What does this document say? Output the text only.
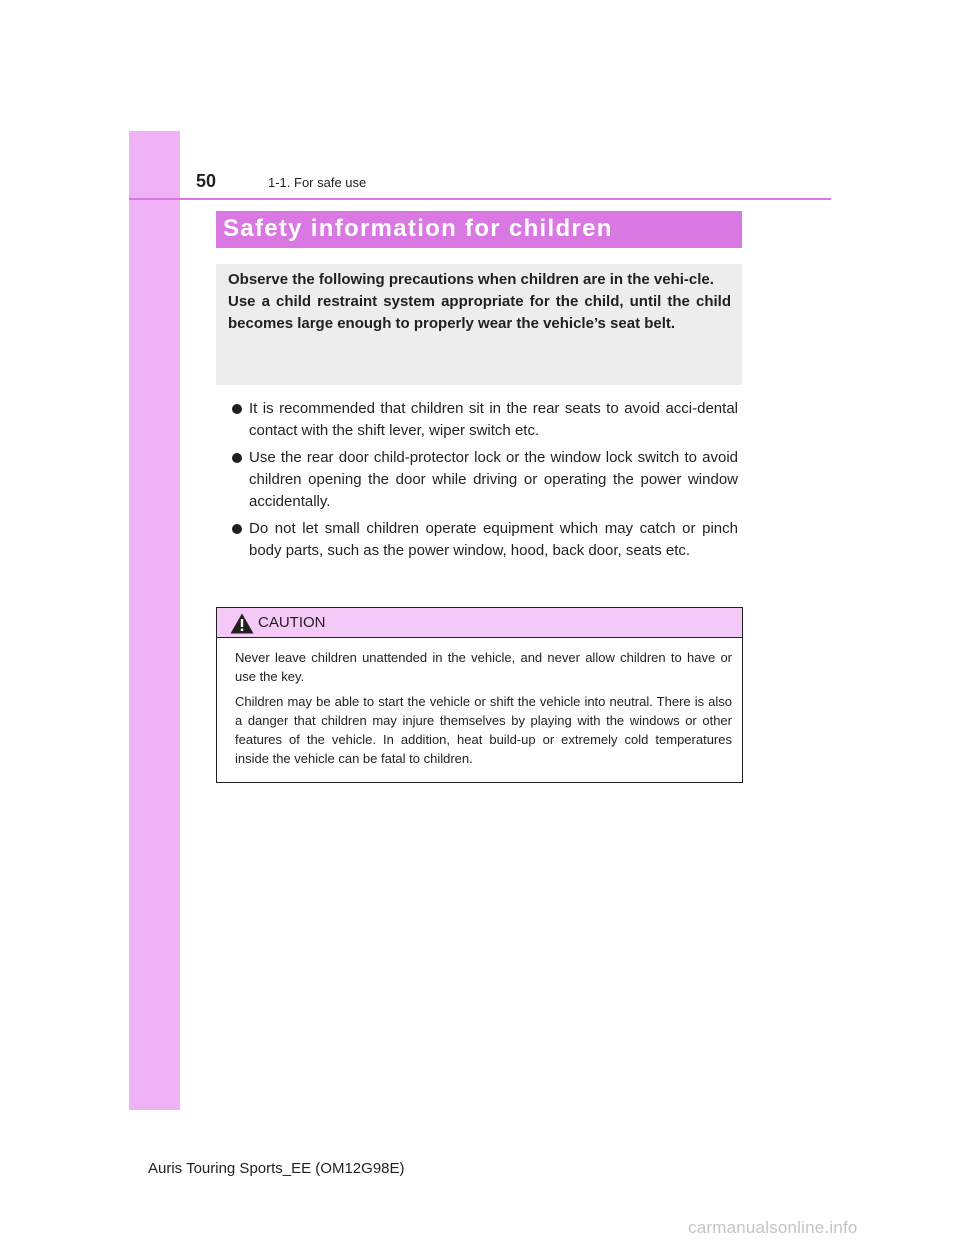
50	1-1. For safe use
Safety information for children

Observe the following precautions when children are in the vehi-cle.

Use a child restraint system appropriate for the child, until the child becomes large enough to properly wear the vehicle’s seat belt.

It is recommended that children sit in the rear seats to avoid acci-dental contact with the shift lever, wiper switch etc.
Use the rear door child-protector lock or the window lock switch to avoid children opening the door while driving or operating the power window accidentally.
Do not let small children operate equipment which may catch or pinch body parts, such as the power window, hood, back door, seats etc.
CAUTION

Never leave children unattended in the vehicle, and never allow children to have or use the key.

Children may be able to start the vehicle or shift the vehicle into neutral. There is also a danger that children may injure themselves by playing with the windows or other features of the vehicle. In addition, heat build-up or extremely cold temperatures inside the vehicle can be fatal to children.

Auris Touring Sports_EE (OM12G98E)
carmanualsonline.info
